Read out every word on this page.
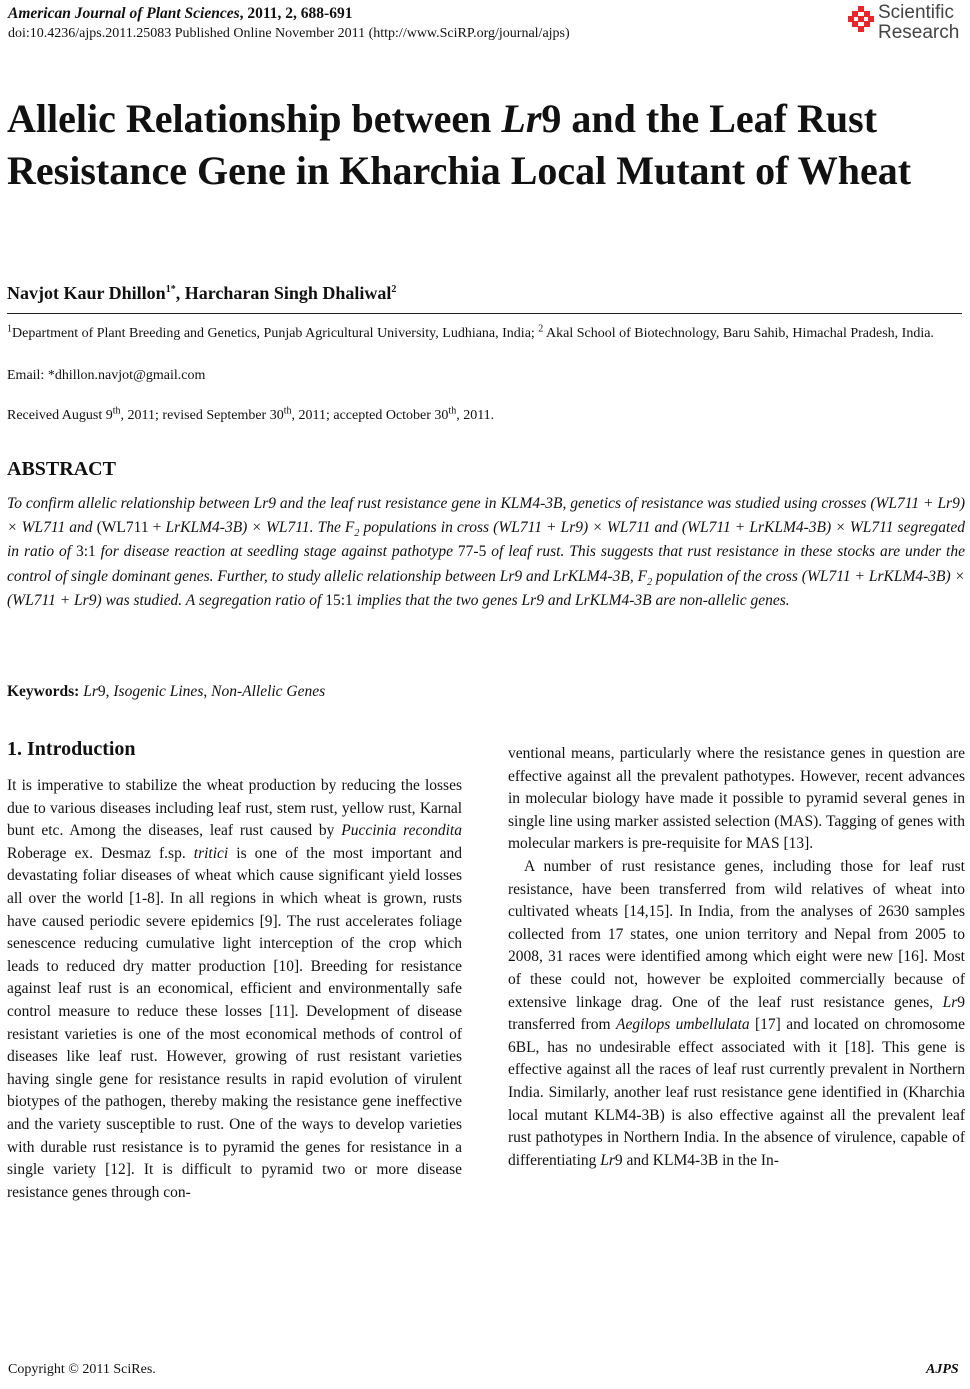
American Journal of Plant Sciences, 2011, 2, 688-691
doi:10.4236/ajps.2011.25083 Published Online November 2011 (http://www.SciRP.org/journal/ajps)
Scientific
Research
Allelic Relationship between Lr9 and the Leaf Rust Resistance Gene in Kharchia Local Mutant of Wheat
Navjot Kaur Dhillon$^{1*}$, Harcharan Singh Dhaliwal$^2$
$^1$Department of Plant Breeding and Genetics, Punjab Agricultural University, Ludhiana, India; $^2$ Akal School of Biotechnology, Baru Sahib, Himachal Pradesh, India.
Email: *dhillon.navjot@gmail.com
Received August 9th, 2011; revised September 30th, 2011; accepted October 30th, 2011.
ABSTRACT
To confirm allelic relationship between Lr9 and the leaf rust resistance gene in KLM4-3B, genetics of resistance was studied using crosses (WL711 + Lr9) × WL711 and (WL711 + LrKLM4-3B) × WL711. The $F_2$ populations in cross (WL711 + Lr9) × WL711 and (WL711 + LrKLM4-3B) × WL711 segregated in ratio of 3:1 for disease reaction at seedling stage against pathotype 77-5 of leaf rust. This suggests that rust resistance in these stocks are under the control of single dominant genes. Further, to study allelic relationship between Lr9 and LrKLM4-3B, $F_2$ population of the cross (WL711 + LrKLM4-3B) × (WL711 + Lr9) was studied. A segregation ratio of 15:1 implies that the two genes Lr9 and LrKLM4-3B are non-allelic genes.
Keywords: Lr9, Isogenic Lines, Non-Allelic Genes
1. Introduction
It is imperative to stabilize the wheat production by reducing the losses due to various diseases including leaf rust, stem rust, yellow rust, Karnal bunt etc. Among the diseases, leaf rust caused by Puccinia reconditа Roberage ex. Desmaz f.sp. tritici is one of the most important and devastating foliar diseases of wheat which cause significant yield losses all over the world [1-8]. In all regions in which wheat is grown, rusts have caused periodic severe epidemics [9]. The rust accelerates foliage senescence reducing cumulative light interception of the crop which leads to reduced dry matter production [10]. Breeding for resistance against leaf rust is an economical, efficient and environmentally safe control measure to reduce these losses [11]. Development of disease resistant varieties is one of the most economical methods of control of diseases like leaf rust. However, growing of rust resistant varieties having single gene for resistance results in rapid evolution of virulent biotypes of the pathogen, thereby making the resistance gene ineffective and the variety susceptible to rust. One of the ways to develop varieties with durable rust resistance is to pyramid the genes for resistance in a single variety [12]. It is difficult to pyramid two or more disease resistance genes through con-

ventional means, particularly where the resistance genes in question are effective against all the prevalent pathotypes. However, recent advances in molecular biology have made it possible to pyramid several genes in single line using marker assisted selection (MAS). Tagging of genes with molecular markers is pre-requisite for MAS [13].

A number of rust resistance genes, including those for leaf rust resistance, have been transferred from wild relatives of wheat into cultivated wheats [14,15]. In India, from the analyses of 2630 samples collected from 17 states, one union territory and Nepal from 2005 to 2008, 31 races were identified among which eight were new [16]. Most of these could not, however be exploited commercially because of extensive linkage drag. One of the leaf rust resistance genes, Lr9 transferred from Aegilops umbellulata [17] and located on chromosome 6BL, has no undesirable effect associated with it [18]. This gene is effective against all the races of leaf rust currently prevalent in Northern India. Similarly, another leaf rust resistance gene identified in (Kharchia local mutant KLM4-3B) is also effective against all the prevalent leaf rust pathotypes in Northern India. In the absence of virulence, capable of differentiating Lr9 and KLM4-3B in the In-

Copyright © 2011 SciRes.	AJPS
